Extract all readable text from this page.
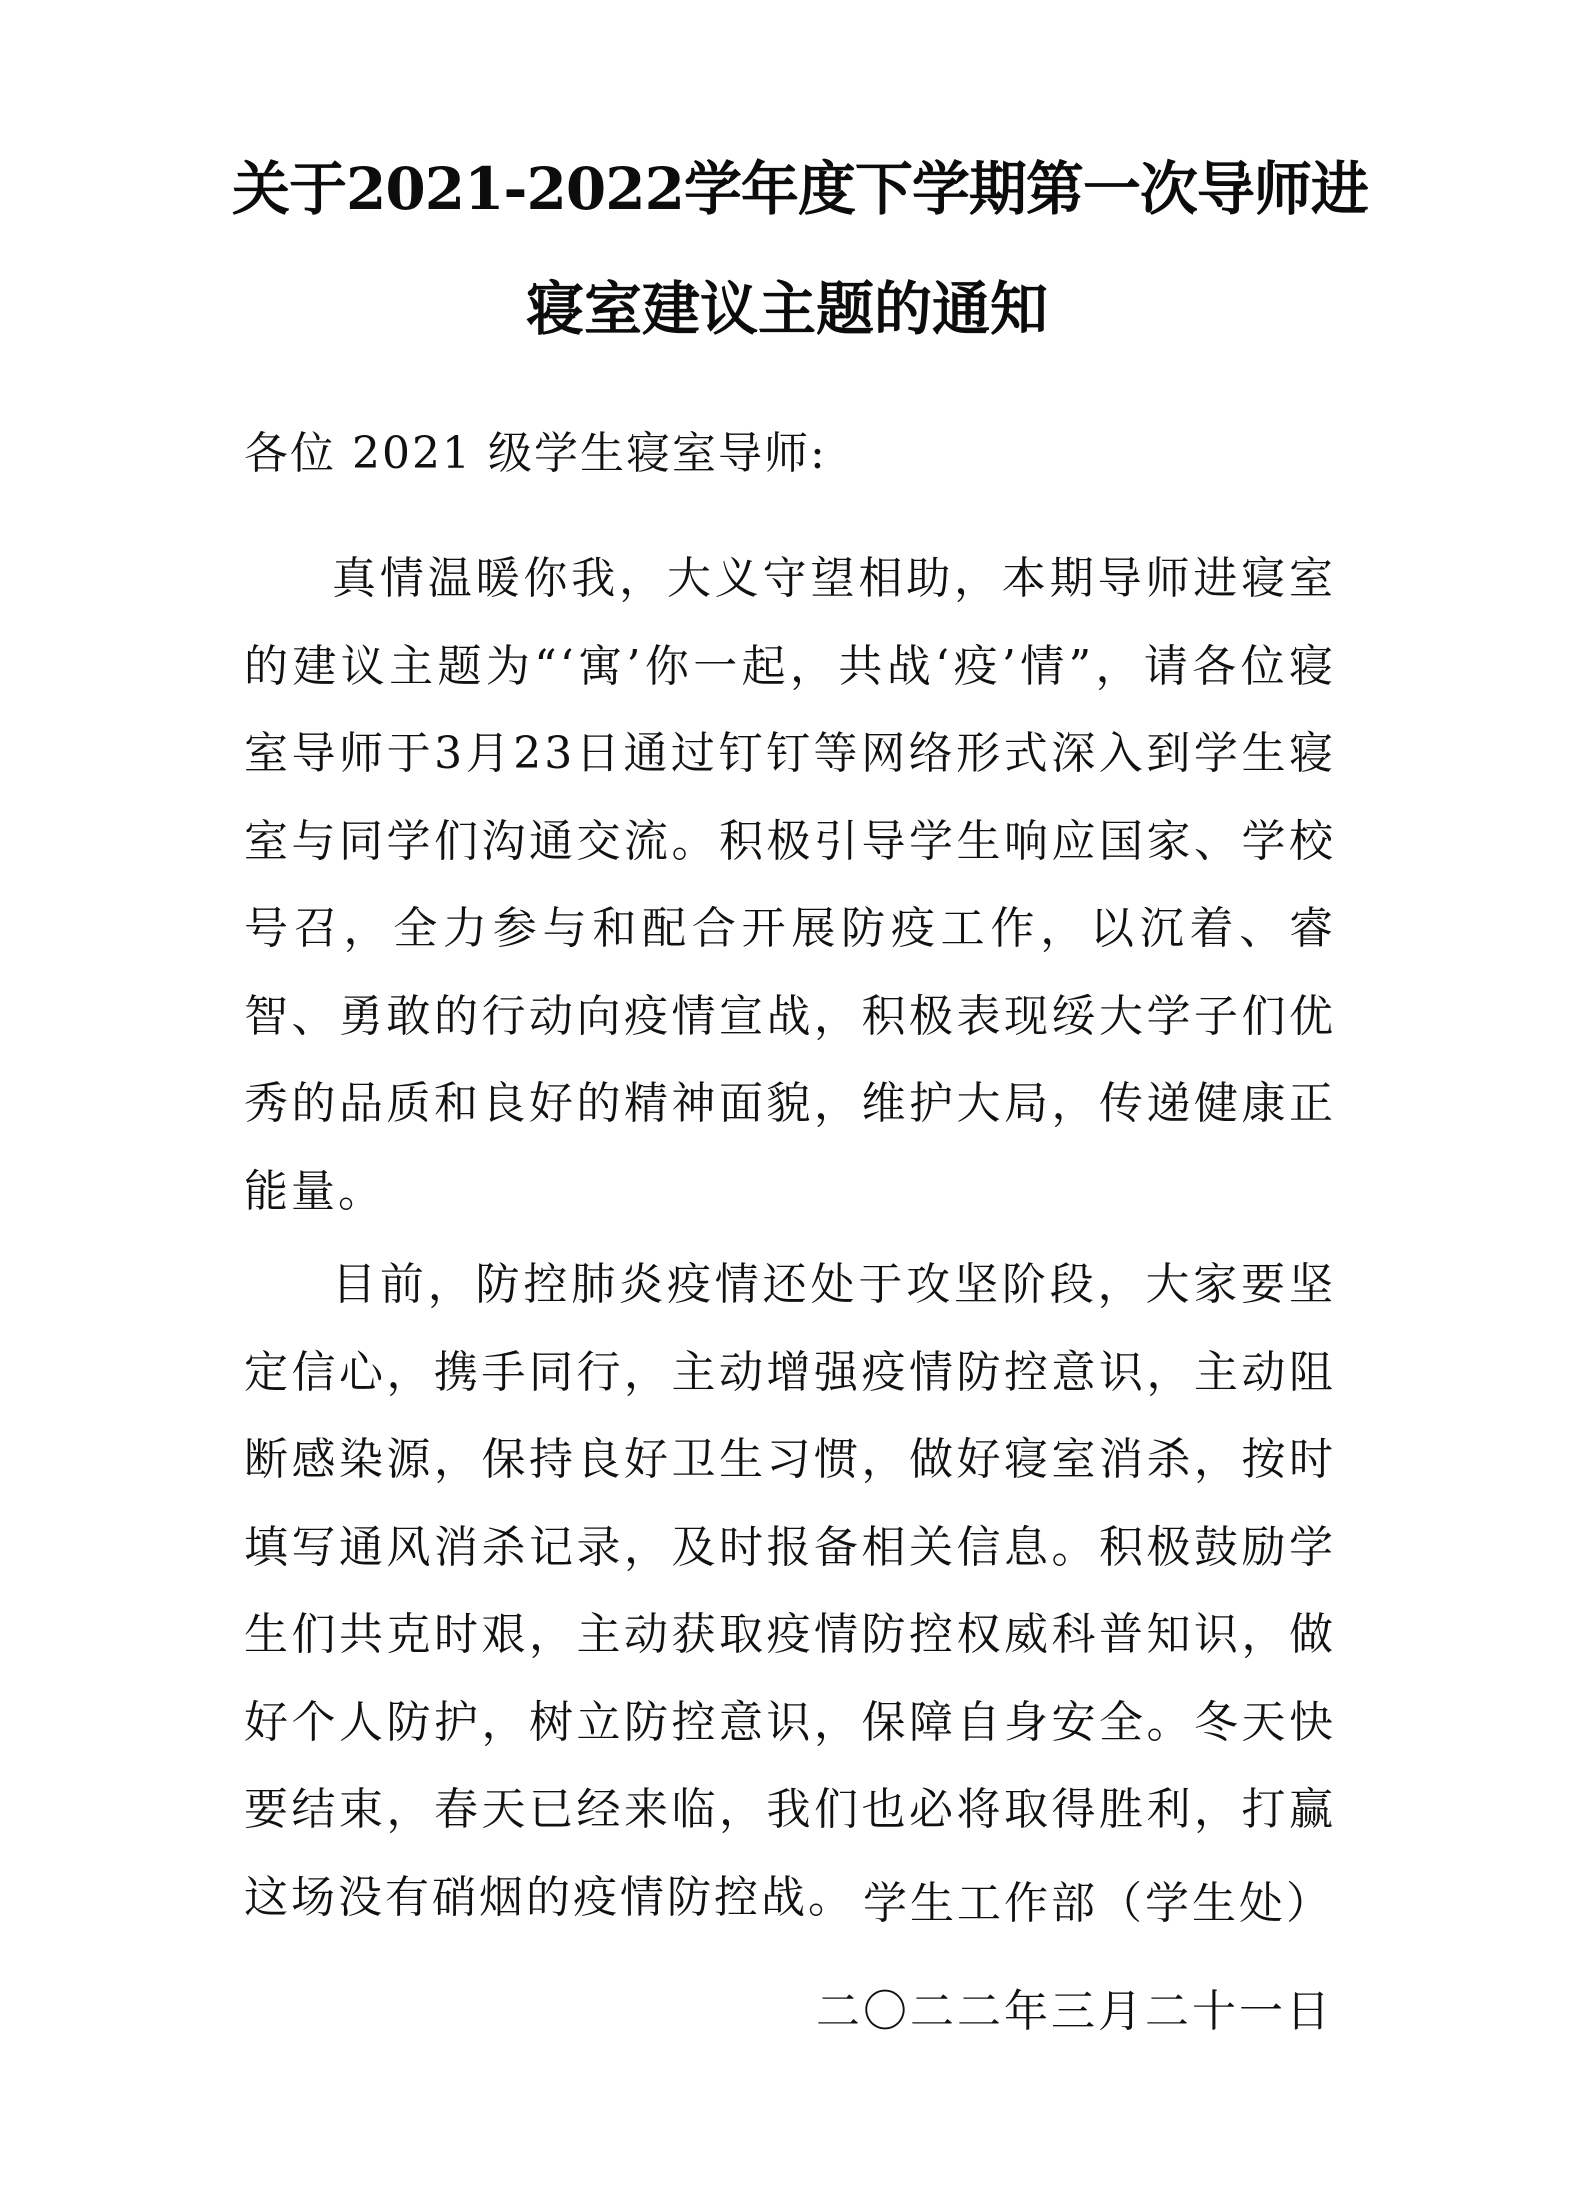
关于2021-2022学年度下学期第一次导师进
寝室建议主题的通知
各位 2021 级学生寝室导师:

真情温暖你我，大义守望相助，本期导师进寝室的建议主题为“‘寓’你一起，共战‘疫’情”，请各位寝室导师于3月23日通过钉钉等网络形式深入到学生寝室与同学们沟通交流。积极引导学生响应国家、学校号召，全力参与和配合开展防疫工作，以沉着、睿智、勇敢的行动向疫情宣战，积极表现绥大学子们优秀的品质和良好的精神面貌，维护大局，传递健康正能量。

目前，防控肺炎疫情还处于攻坚阶段，大家要坚定信心，携手同行，主动增强疫情防控意识，主动阻断感染源，保持良好卫生习惯，做好寝室消杀，按时填写通风消杀记录，及时报备相关信息。积极鼓励学生们共克时艰，主动获取疫情防控权威科普知识，做好个人防护，树立防控意识，保障自身安全。冬天快要结束，春天已经来临，我们也必将取得胜利，打赢这场没有硝烟的疫情防控战。 学生工作部（学生处）
二〇二二年三月二十一日
